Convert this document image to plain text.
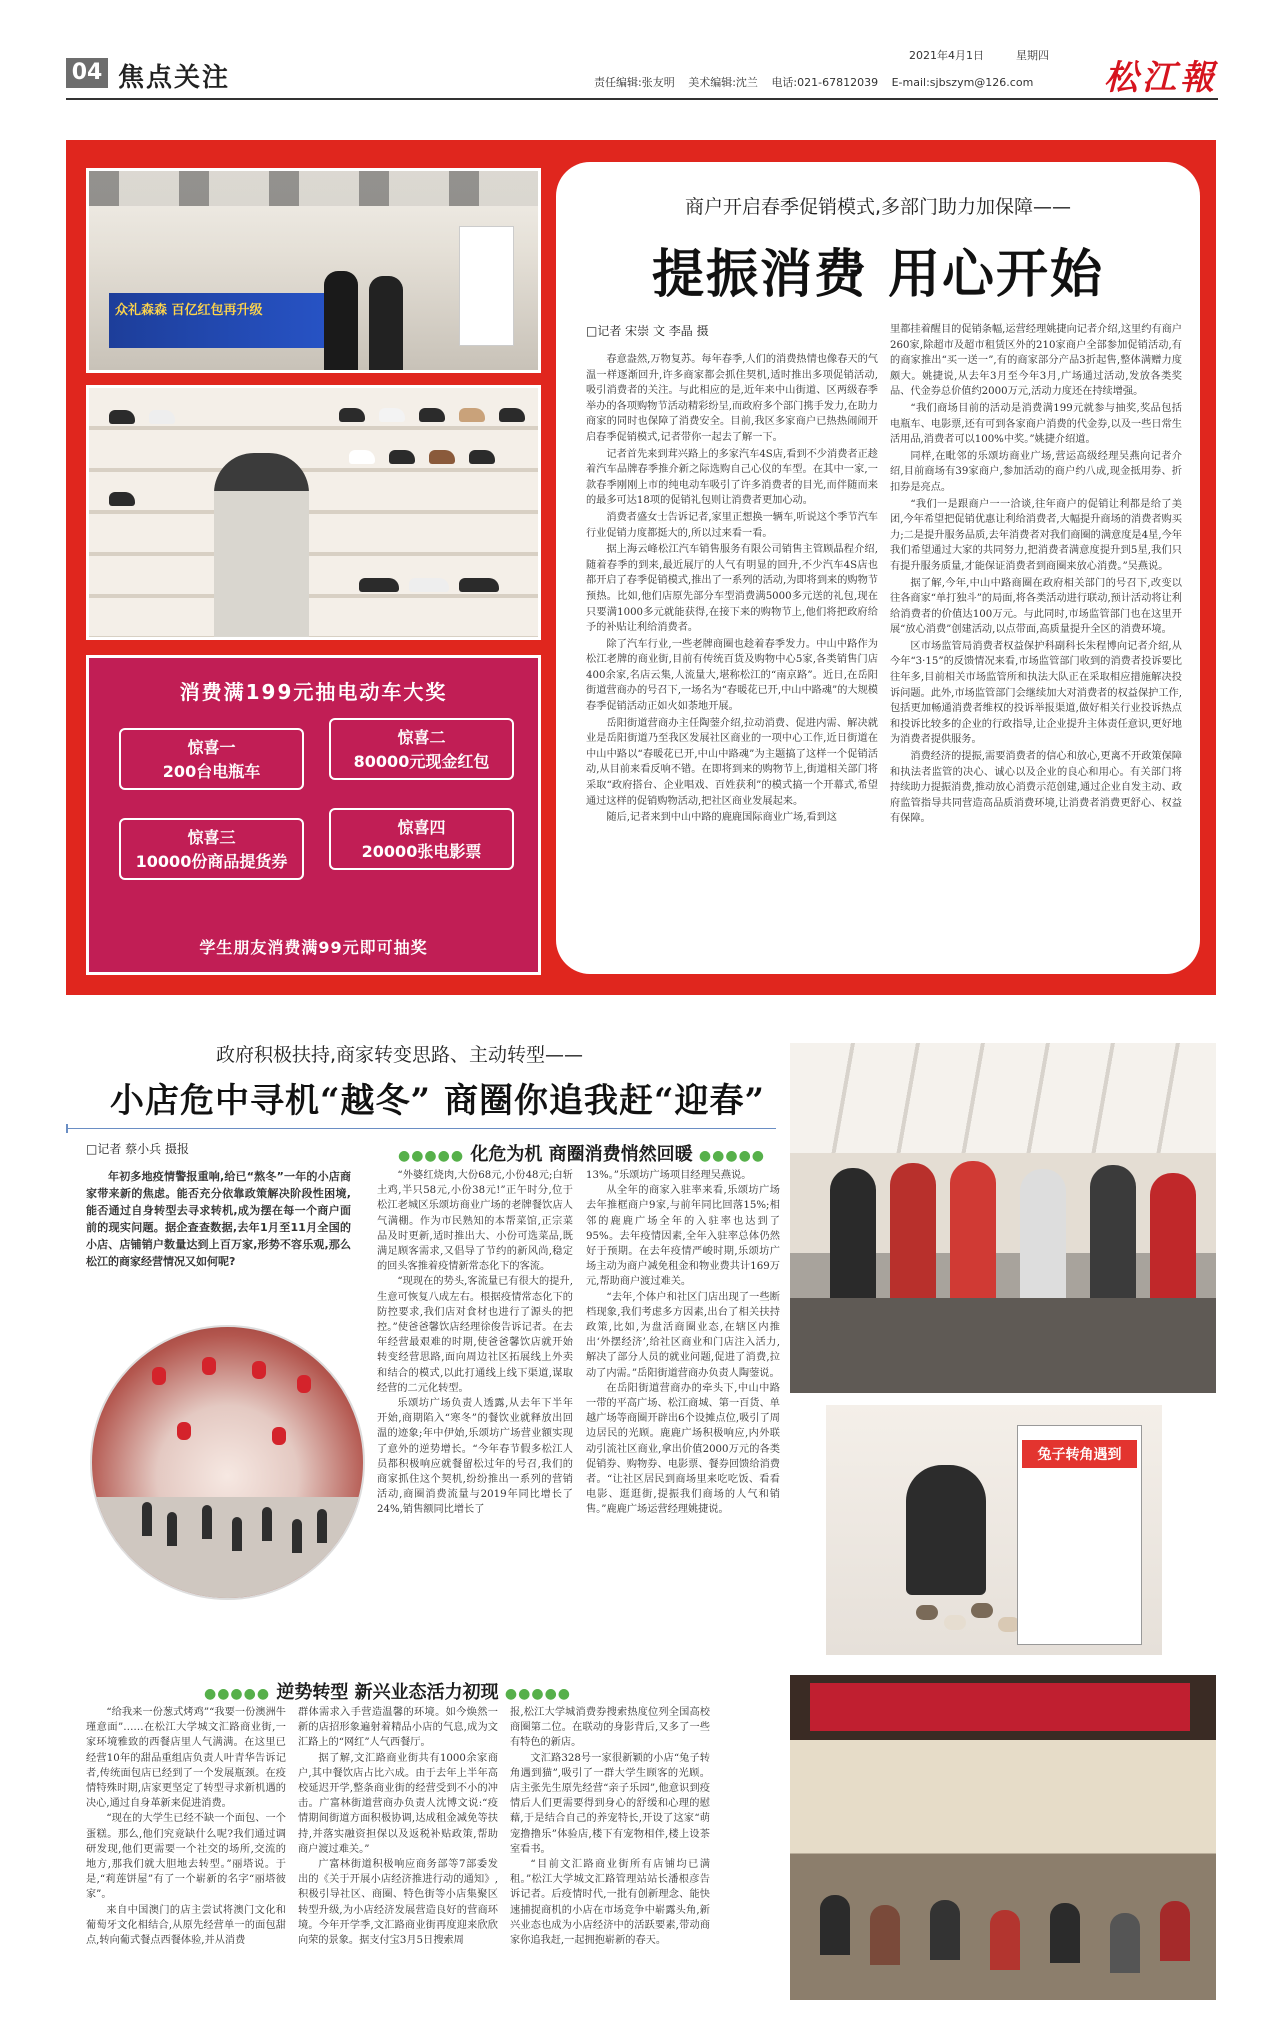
04 焦点关注
2021年4月1日	星期四
责任编辑:张友明 美术编辑:沈兰 电话:021-67812039 E-mail:sjbszym@126.com 松江報
众礼森森 百亿红包再升级
消费满199元抽电动车大奖
惊喜一
200台电瓶车
惊喜二
80000元现金红包
惊喜三
10000份商品提货券
惊喜四
20000张电影票
学生朋友消费满99元即可抽奖
商户开启春季促销模式,多部门助力加保障——
提振消费 用心开始
□记者 宋崇 文 李晶 摄

春意盎然,万物复苏。每年春季,人们的消费热情也像春天的气温一样逐渐回升,许多商家都会抓住契机,适时推出多项促销活动,吸引消费者的关注。与此相应的是,近年来中山街道、区两级春季举办的各项购物节活动精彩纷呈,而政府多个部门携手发力,在助力商家的同时也保障了消费安全。目前,我区多家商户已热热闹闹开启春季促销模式,记者带你一起去了解一下。

记者首先来到茸兴路上的多家汽车4S店,看到不少消费者正趁着汽车品牌春季推介新之际选购自己心仪的车型。在其中一家,一款春季刚刚上市的纯电动车吸引了许多消费者的目光,而伴随而来的最多可达18项的促销礼包则让消费者更加心动。

消费者盛女士告诉记者,家里正想换一辆车,听说这个季节汽车行业促销力度都挺大的,所以过来看一看。

据上海云峰松江汽车销售服务有限公司销售主管顾晶程介绍,随着春季的到来,最近展厅的人气有明显的回升,不少汽车4S店也都开启了春季促销模式,推出了一系列的活动,为即将到来的购物节预热。比如,他们店原先部分车型消费满5000多元送的礼包,现在只要满1000多元就能获得,在接下来的购物节上,他们将把政府给予的补贴让利给消费者。

除了汽车行业,一些老牌商圈也趁着春季发力。中山中路作为松江老牌的商业街,目前有传统百货及购物中心5家,各类销售门店400余家,名店云集,人流量大,堪称松江的“南京路”。近日,在岳阳街道营商办的号召下,一场名为“春暖花已开,中山中路魂”的大规模春季促销活动正如火如荼地开展。

岳阳街道营商办主任陶蓥介绍,拉动消费、促进内需、解决就业是岳阳街道乃至我区发展社区商业的一项中心工作,近日街道在中山中路以“春暖花已开,中山中路魂”为主题搞了这样一个促销活动,从目前来看反响不错。在即将到来的购物节上,街道相关部门将采取“政府搭台、企业唱戏、百姓获利”的模式搞一个开幕式,希望通过这样的促销购物活动,把社区商业发展起来。

随后,记者来到中山中路的鹿鹿国际商业广场,看到这

里都挂着醒目的促销条幅,运营经理姚捷向记者介绍,这里约有商户260家,除超市及超市租赁区外的210家商户全部参加促销活动,有的商家推出“买一送一”,有的商家部分产品3折起售,整体满赠力度颇大。姚捷说,从去年3月至今年3月,广场通过活动,发放各类奖品、代金券总价值约2000万元,活动力度还在持续增强。

“我们商场目前的活动是消费满199元就参与抽奖,奖品包括电瓶车、电影票,还有可到各家商户消费的代金券,以及一些日常生活用品,消费者可以100%中奖。”姚捷介绍道。

同样,在毗邻的乐颂坊商业广场,营运高级经理吴燕向记者介绍,目前商场有39家商户,参加活动的商户约八成,现金抵用券、折扣券是亮点。

“我们一是跟商户一一洽谈,往年商户的促销让利都是给了美团,今年希望把促销优惠让利给消费者,大幅提升商场的消费者购买力;二是提升服务品质,去年消费者对我们商圈的满意度是4星,今年我们希望通过大家的共同努力,把消费者满意度提升到5星,我们只有提升服务质量,才能保证消费者到商圈来放心消费。”吴燕说。

据了解,今年,中山中路商圈在政府相关部门的号召下,改变以往各商家“单打独斗”的局面,将各类活动进行联动,预计活动将让利给消费者的价值达100万元。与此同时,市场监管部门也在这里开展“放心消费”创建活动,以点带面,高质量提升全区的消费环境。

区市场监管局消费者权益保护科副科长朱程博向记者介绍,从今年“3·15”的反馈情况来看,市场监管部门收到的消费者投诉要比往年多,目前相关市场监管所和执法大队正在采取相应措施解决投诉问题。此外,市场监管部门会继续加大对消费者的权益保护工作,包括更加畅通消费者维权的投诉举报渠道,做好相关行业投诉热点和投诉比较多的企业的行政指导,让企业提升主体责任意识,更好地为消费者提供服务。

消费经济的提振,需要消费者的信心和放心,更离不开政策保障和执法者监管的决心、诚心以及企业的良心和用心。有关部门将持续助力提振消费,推动放心消费示范创建,通过企业自发主动、政府监管指导共同营造高品质消费环境,让消费者消费更舒心、权益有保障。

政府积极扶持,商家转变思路、主动转型——
小店危中寻机“越冬” 商圈你追我赶“迎春”
□记者 蔡小兵 摄报	●●●●● 化危为机 商圈消费悄然回暖 ●●●●●
年初多地疫情警报重响,给已“熬冬”一年的小店商家带来新的焦虑。能否充分依靠政策解决阶段性困境,能否通过自身转型去寻求转机,成为摆在每一个商户面前的现实问题。据企查查数据,去年1月至11月全国的小店、店铺销户数量达到上百万家,形势不容乐观,那么松江的商家经营情况又如何呢?

“外婆红烧肉,大份68元,小份48元;白斩土鸡,半只58元,小份38元!”正午时分,位于松江老城区乐颂坊商业广场的老牌餐饮店人气满棚。作为市民熟知的本帮菜馆,正宗菜品及时更新,适时推出大、小份可选菜品,既满足顾客需求,又倡导了节约的新风尚,稳定的回头客推着疫情新常态化下的客流。

“现现在的势头,客流量已有很大的提升,生意可恢复八成左右。根据疫情常态化下的防控要求,我们店对食材也进行了源头的把控。”使爸爸馨饮店经理徐俊告诉记者。在去年经营最艰难的时期,使爸爸馨饮店就开始转变经营思路,面向周边社区拓展线上外卖和结合的模式,以此打通线上线下渠道,谋取经营的二元化转型。

乐颂坊广场负责人透露,从去年下半年开始,商期陷入“寒冬”的餐饮业就释放出回温的迹象;年中伊始,乐颂坊广场营业额实现了意外的逆势增长。“今年春节假多松江人员都积极响应就餐留松过年的号召,我们的商家抓住这个契机,纷纷推出一系列的营销活动,商圈消费流量与2019年同比增长了24%,销售额同比增长了

13%。”乐颂坊广场项目经理吴燕说。

从全年的商家入驻率来看,乐颂坊广场去年推框商户9家,与前年同比回落15%;相邻的鹿鹿广场全年的入驻率也达到了95%。去年疫情因素,全年入驻率总体仍然好于预期。在去年疫情严峻时期,乐颂坊广场主动为商户减免租金和物业费共计169万元,帮助商户渡过难关。

“去年,个体户和社区门店出现了一些断档现象,我们考虑多方因素,出台了相关扶持政策,比如,为盘活商圈业态,在辖区内推出‘外摆经济’,给社区商业和门店注入活力,解决了部分人员的就业问题,促进了消费,拉动了内需。”岳阳街道营商办负责人陶蓥说。

在岳阳街道营商办的牵头下,中山中路一带的平高广场、松江商城、第一百货、单越广场等商圈开辟出6个设摊点位,吸引了周边居民的光顾。鹿鹿广场积极响应,内外联动引流社区商业,拿出价值2000万元的各类促销券、购物券、电影票、餐券回馈给消费者。“让社区居民到商场里来吃吃饭、看看电影、逛逛街,提振我们商场的人气和销售。”鹿鹿广场运营经理姚捷说。

兔子转角遇到
●●●●● 逆势转型 新兴业态活力初现 ●●●●●

“给我来一份葱式烤鸡”“我要一份澳洲牛瑾意面”……在松江大学城文汇路商业街,一家环境雅致的西餐店里人气满满。在这里已经营10年的甜品重组店负责人叶青华告诉记者,传统面包店已经到了一个发展瓶颈。在疫情特殊时期,店家更坚定了转型寻求新机遇的决心,通过自身革新来促进消费。

“现在的大学生已经不缺一个面包、一个蛋糕。那么,他们究竟缺什么呢?我们通过调研发现,他们更需要一个社交的场所,交流的地方,那我们就大胆地去转型。”丽塔说。于是,“莉莲饼屋”有了一个崭新的名字“丽塔彼家”。

来自中国澳门的店主尝试将澳门文化和葡萄牙文化相结合,从原先经营单一的面包甜点,转向葡式餐点西餐体验,并从消费

群体需求入手营造温馨的环境。如今焕然一新的店招形象遍射着精品小店的气息,成为文汇路上的“网红”人气西餐厅。

据了解,文汇路商业街共有1000余家商户,其中餐饮店占比六成。由于去年上半年高校延迟开学,整条商业街的经营受到不小的冲击。广富林街道营商办负责人沈博文说:“疫情期间街道方面积极协调,达成租金减免等扶持,并落实融资担保以及返税补贴政策,帮助商户渡过难关。”

广富林街道积极响应商务部等7部委发出的《关于开展小店经济推进行动的通知》,积极引导社区、商圈、特色街等小店集聚区转型升级,为小店经济发展营造良好的营商环境。今年开学季,文汇路商业街再度迎来欣欣向荣的景象。据支付宝3月5日搜索周

报,松江大学城消费券搜索热度位列全国高校商圈第二位。在联动的身影背后,又多了一些有特色的新店。

文汇路328号一家很新颖的小店“兔子转角遇到猫”,吸引了一群大学生顾客的光顾。店主张先生原先经营“亲子乐园”,他意识到疫情后人们更需要得到身心的舒缓和心理的慰藉,于是结合自己的养宠特长,开设了这家“萌宠撸撸乐”体验店,楼下有宠物相伴,楼上设茶室看书。

“目前文汇路商业街所有店铺均已满租。”松江大学城文汇路管理站站长潘根彦告诉记者。后疫情时代,一批有创新理念、能快速捕捉商机的小店在市场竞争中崭露头角,新兴业态也成为小店经济中的活跃要素,带动商家你追我赶,一起拥抱崭新的春天。
